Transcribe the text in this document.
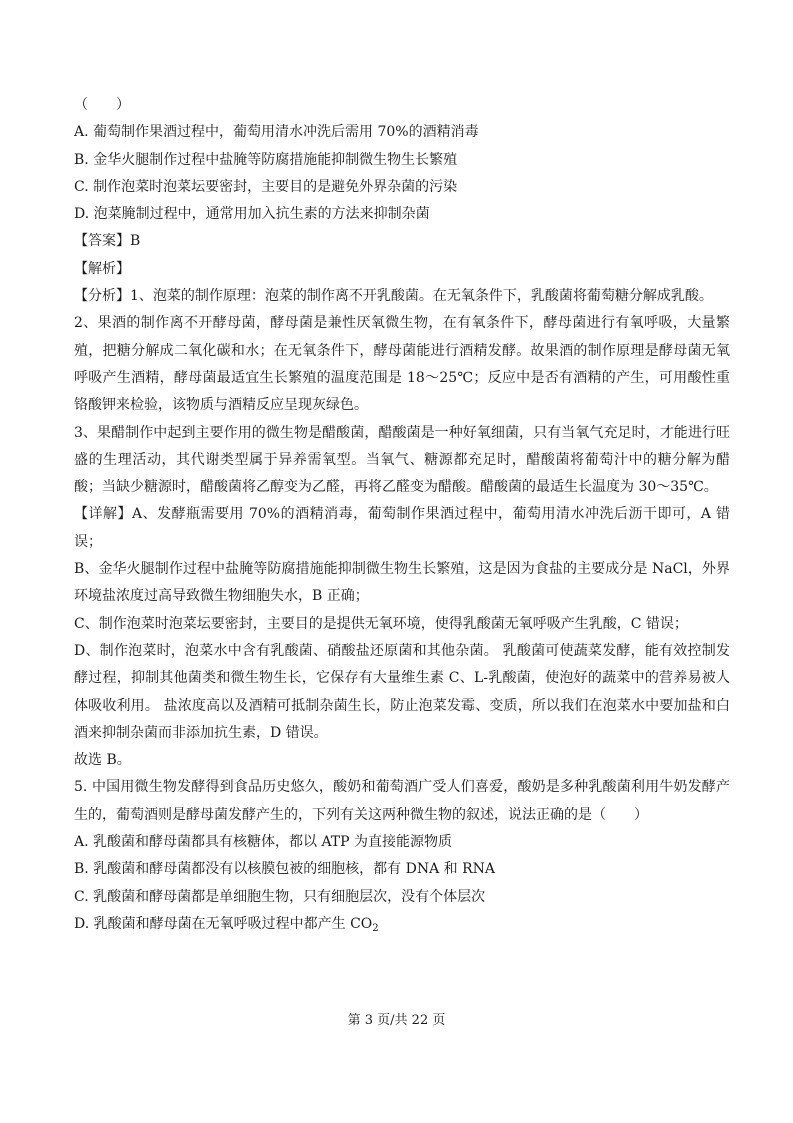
（　　）
A. 葡萄制作果酒过程中，葡萄用清水冲洗后需用 70%的酒精消毒
B. 金华火腿制作过程中盐腌等防腐措施能抑制微生物生长繁殖
C. 制作泡菜时泡菜坛要密封，主要目的是避免外界杂菌的污染
D. 泡菜腌制过程中，通常用加入抗生素的方法来抑制杂菌
【答案】B
【解析】
【分析】1、泡菜的制作原理：泡菜的制作离不开乳酸菌。在无氧条件下，乳酸菌将葡萄糖分解成乳酸。
2、果酒的制作离不开酵母菌，酵母菌是兼性厌氧微生物，在有氧条件下，酵母菌进行有氧呼吸，大量繁殖，把糖分解成二氧化碳和水；在无氧条件下，酵母菌能进行酒精发酵。故果酒的制作原理是酵母菌无氧呼吸产生酒精，酵母菌最适宜生长繁殖的温度范围是 18～25℃；反应中是否有酒精的产生，可用酸性重铬酸钾来检验，该物质与酒精反应呈现灰绿色。
3、果醋制作中起到主要作用的微生物是醋酸菌，醋酸菌是一种好氧细菌，只有当氧气充足时，才能进行旺盛的生理活动，其代谢类型属于异养需氧型。当氧气、糖源都充足时，醋酸菌将葡萄汁中的糖分解为醋酸；当缺少糖源时，醋酸菌将乙醇变为乙醛，再将乙醛变为醋酸。醋酸菌的最适生长温度为 30～35℃。
【详解】A、发酵瓶需要用 70%的酒精消毒，葡萄制作果酒过程中，葡萄用清水冲洗后沥干即可，A 错误；
B、金华火腿制作过程中盐腌等防腐措施能抑制微生物生长繁殖，这是因为食盐的主要成分是 NaCl，外界环境盐浓度过高导致微生物细胞失水，B 正确；
C、制作泡菜时泡菜坛要密封，主要目的是提供无氧环境，使得乳酸菌无氧呼吸产生乳酸，C 错误；
D、制作泡菜时，泡菜水中含有乳酸菌、硝酸盐还原菌和其他杂菌。 乳酸菌可使蔬菜发酵，能有效控制发酵过程，抑制其他菌类和微生物生长，它保存有大量维生素 C、L-乳酸菌，使泡好的蔬菜中的营养易被人体吸收利用。 盐浓度高以及酒精可抵制杂菌生长，防止泡菜发霉、变质，所以我们在泡菜水中要加盐和白酒来抑制杂菌而非添加抗生素，D 错误。
故选 B。
5. 中国用微生物发酵得到食品历史悠久，酸奶和葡萄酒广受人们喜爱，酸奶是多种乳酸菌利用牛奶发酵产生的，葡萄酒则是酵母菌发酵产生的，下列有关这两种微生物的叙述，说法正确的是（　　）
A. 乳酸菌和酵母菌都具有核糖体，都以 ATP 为直接能源物质
B. 乳酸菌和酵母菌都没有以核膜包被的细胞核，都有 DNA 和 RNA
C. 乳酸菌和酵母菌都是单细胞生物，只有细胞层次，没有个体层次
D. 乳酸菌和酵母菌在无氧呼吸过程中都产生 $CO_2$
第 3 页/共 22 页
